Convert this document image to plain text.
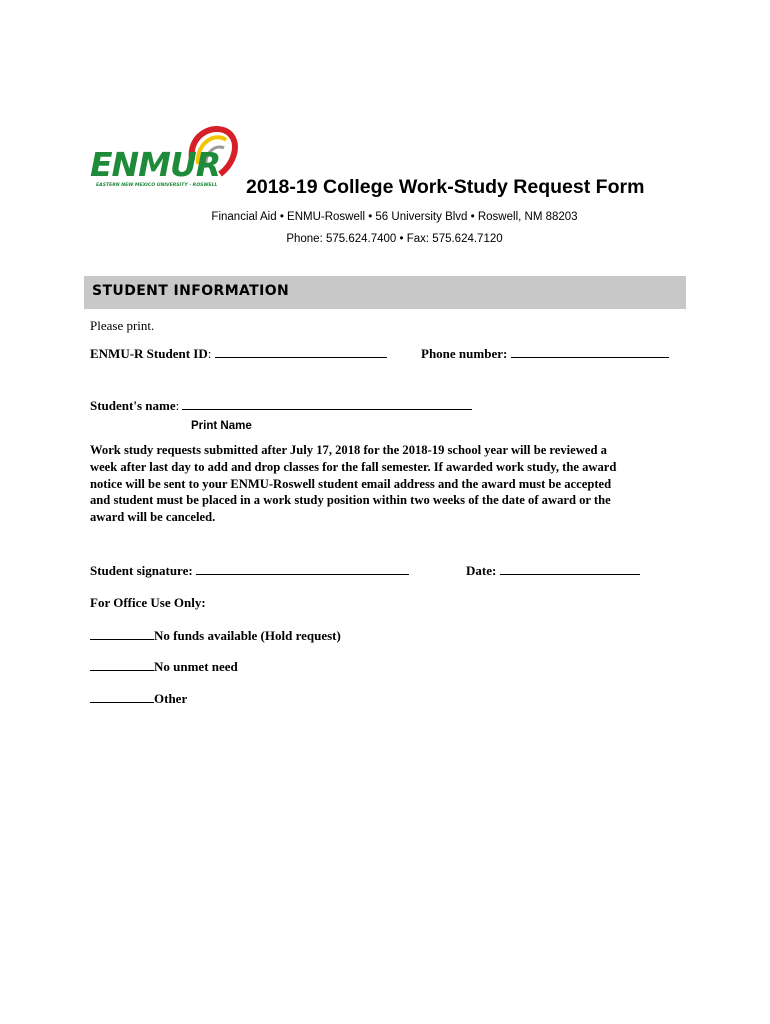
ENMUR
EASTERN NEW MEXICO UNIVERSITY · ROSWELL 2018-19 College Work-Study Request Form
Financial Aid • ENMU-Roswell • 56 University Blvd • Roswell, NM 88203
Phone: 575.624.7400 • Fax: 575.624.7120
STUDENT INFORMATION
Please print.
ENMU-R Student ID:	Phone number:
Student's name:
Print Name
Work study requests submitted after July 17, 2018 for the 2018-19 school year will be reviewed a
week after last day to add and drop classes for the fall semester. If awarded work study, the award
notice will be sent to your ENMU-Roswell student email address and the award must be accepted
and student must be placed in a work study position within two weeks of the date of award or the
award will be canceled.
Student signature:	Date:
For Office Use Only:
No funds available (Hold request)
No unmet need
Other
